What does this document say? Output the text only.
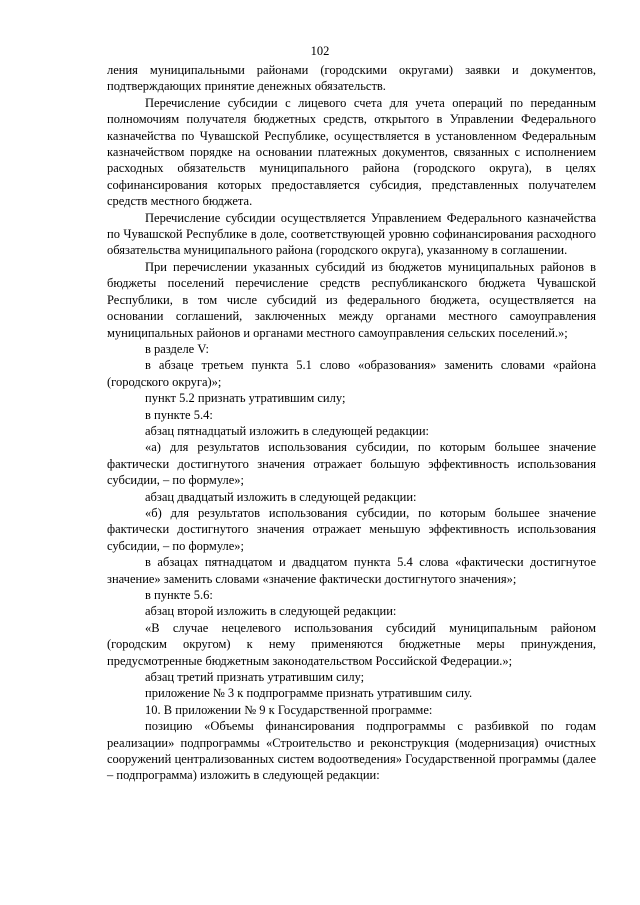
102

ления муниципальными районами (городскими округами) заявки и документов, подтверждающих принятие денежных обязательств.

Перечисление субсидии с лицевого счета для учета операций по переданным полномочиям получателя бюджетных средств, открытого в Управлении Федерального казначейства по Чувашской Республике, осуществляется в установленном Федеральным казначейством порядке на основании платежных документов, связанных с исполнением расходных обязательств муниципального района (городского округа), в целях софинансирования которых предоставляется субсидия, представленных получателем средств местного бюджета.

Перечисление субсидии осуществляется Управлением Федерального казначейства по Чувашской Республике в доле, соответствующей уровню софинансирования расходного обязательства муниципального района (городского округа), указанному в соглашении.

При перечислении указанных субсидий из бюджетов муниципальных районов в бюджеты поселений перечисление средств республиканского бюджета Чувашской Республики, в том числе субсидий из федерального бюджета, осуществляется на основании соглашений, заключенных между органами местного самоуправления муниципальных районов и органами местного самоуправления сельских поселений.»;

в разделе V:

в абзаце третьем пункта 5.1 слово «образования» заменить словами «района (городского округа)»;

пункт 5.2 признать утратившим силу;

в пункте 5.4:

абзац пятнадцатый изложить в следующей редакции:

«а) для результатов использования субсидии, по которым большее значение фактически достигнутого значения отражает большую эффективность использования субсидии, – по формуле»;

абзац двадцатый изложить в следующей редакции:

«б) для результатов использования субсидии, по которым большее значение фактически достигнутого значения отражает меньшую эффективность использования субсидии, – по формуле»;

в абзацах пятнадцатом и двадцатом пункта 5.4 слова «фактически достигнутое значение» заменить словами «значение фактически достигнутого значения»;

в пункте 5.6:

абзац второй изложить в следующей редакции:

«В случае нецелевого использования субсидий муниципальным районом (городским округом) к нему применяются бюджетные меры принуждения, предусмотренные бюджетным законодательством Российской Федерации.»;

абзац третий признать утратившим силу;

приложение № 3 к подпрограмме признать утратившим силу.

10. В приложении № 9 к Государственной программе:

позицию «Объемы финансирования подпрограммы с разбивкой по годам реализации» подпрограммы «Строительство и реконструкция (модернизация) очистных сооружений централизованных систем водоотведения» Государственной программы (далее – подпрограмма) изложить в следующей редакции:
